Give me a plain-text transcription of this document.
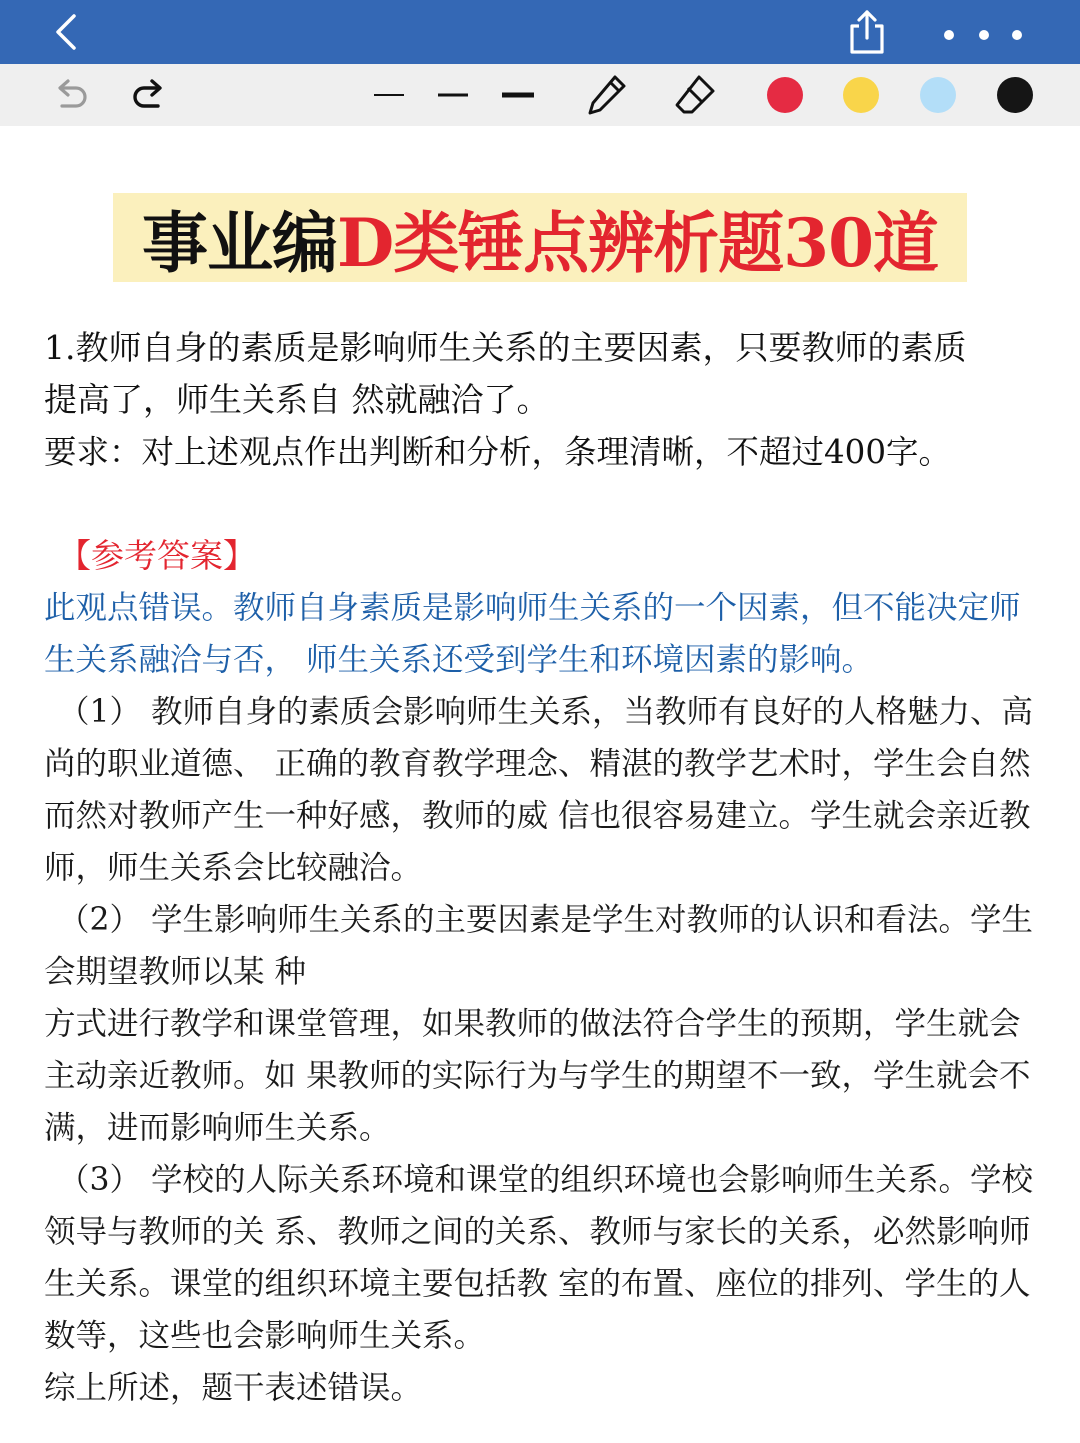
事业编 D类锤点辨析题30道

1.教师自身的素质是影响师生关系的主要因素，只要教师的素质
提高了，师生关系自 然就融洽了。

要求：对上述观点作出判断和分析，条理清晰，不超过400字。

【参考答案】

此观点错误。教师自身素质是影响师生关系的一个因素，但不能决定师
生关系融洽与否， 师生关系还受到学生和环境因素的影响。

（1） 教师自身的素质会影响师生关系，当教师有良好的人格魅力、高
尚的职业道德、 正确的教育教学理念、精湛的教学艺术时，学生会自然
而然对教师产生一种好感，教师的威 信也很容易建立。学生就会亲近教
师，师生关系会比较融洽。

（2） 学生影响师生关系的主要因素是学生对教师的认识和看法。学生
会期望教师以某 种
方式进行教学和课堂管理，如果教师的做法符合学生的预期，学生就会
主动亲近教师。如 果教师的实际行为与学生的期望不一致，学生就会不
满，进而影响师生关系。

（3） 学校的人际关系环境和课堂的组织环境也会影响师生关系。学校
领导与教师的关 系、教师之间的关系、教师与家长的关系，必然影响师
生关系。课堂的组织环境主要包括教 室的布置、座位的排列、学生的人
数等，这些也会影响师生关系。

综上所述，题干表述错误。
